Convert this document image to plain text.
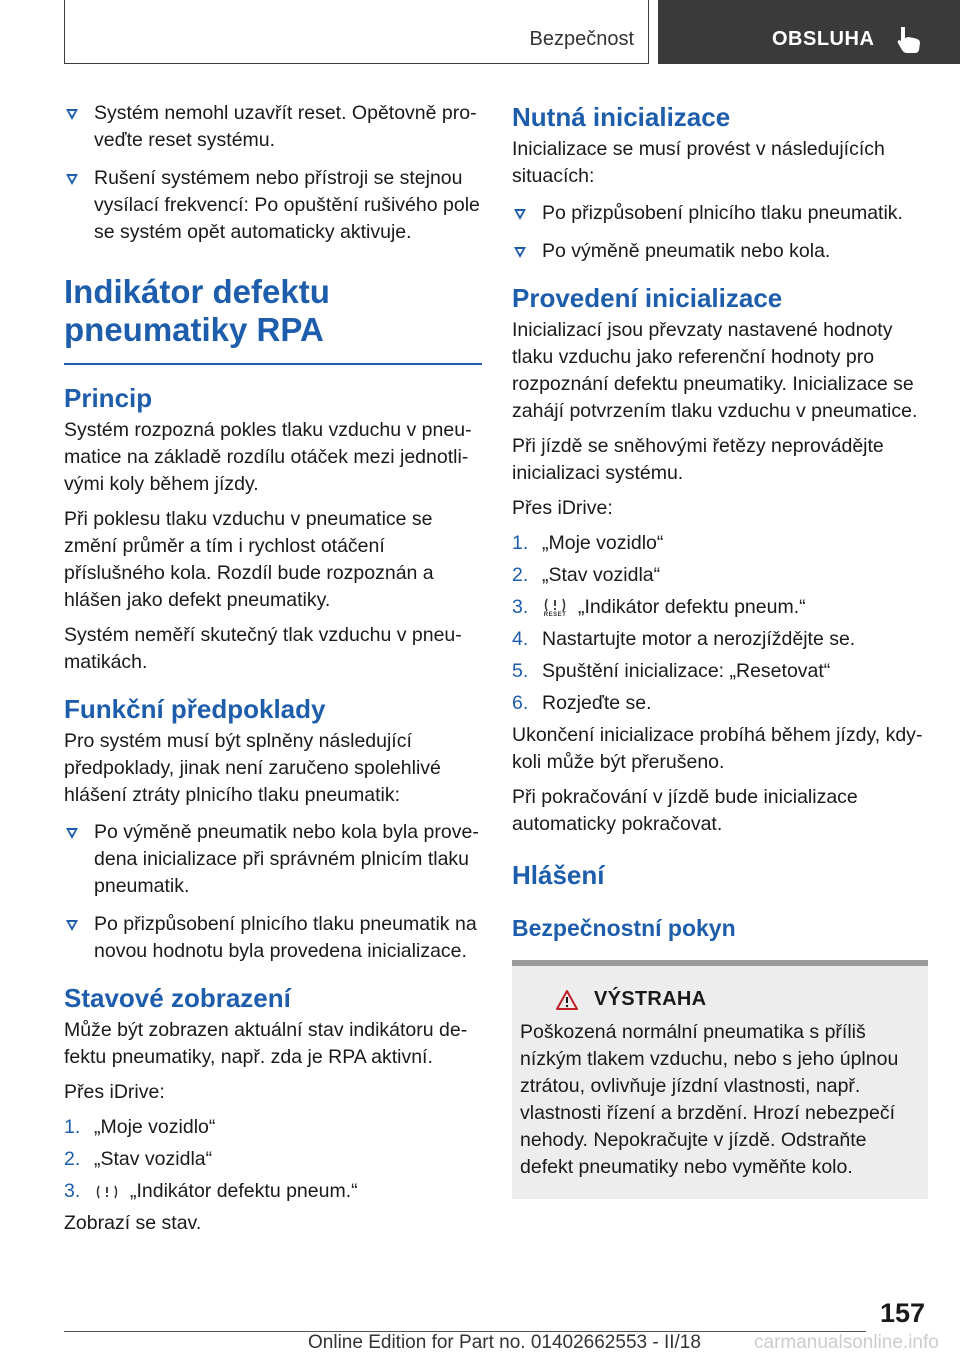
Bezpečnost	OBSLUHA
Systém nemohl uzavřít reset. Opětovně proveďte reset systému.
Rušení systémem nebo přístroji se stejnou vysílací frekvencí: Po opuštění rušivého pole se systém opět automaticky aktivuje.
Indikátor defektu pneumatiky RPA
Princip

Systém rozpozná pokles tlaku vzduchu v pneumatice na základě rozdílu otáček mezi jednotlivými koly během jízdy.

Při poklesu tlaku vzduchu v pneumatice se změní průměr a tím i rychlost otáčení příslušného kola. Rozdíl bude rozpoznán a hlášen jako defekt pneumatiky.

Systém neměří skutečný tlak vzduchu v pneumatikách.

Funkční předpoklady

Pro systém musí být splněny následující předpoklady, jinak není zaručeno spolehlivé hlášení ztráty plnicího tlaku pneumatik:

Po výměně pneumatik nebo kola byla provedena inicializace při správném plnicím tlaku pneumatik.
Po přizpůsobení plnicího tlaku pneumatik na novou hodnotu byla provedena inicializace.
Stavové zobrazení

Může být zobrazen aktuální stav indikátoru defektu pneumatiky, např. zda je RPA aktivní.

Přes iDrive:

1. „Moje vozidlo“
2. „Stav vozidla“
3.	„Indikátor defektu pneum.“

Zobrazí se stav.

Nutná inicializace

Inicializace se musí provést v následujících situacích:

Po přizpůsobení plnicího tlaku pneumatik.
Po výměně pneumatik nebo kola.
Provedení inicializace

Inicializací jsou převzaty nastavené hodnoty tlaku vzduchu jako referenční hodnoty pro rozpoznání defektu pneumatiky. Inicializace se zahájí potvrzením tlaku vzduchu v pneumatice.

Při jízdě se sněhovými řetězy neprovádějte inicializaci systému.

Přes iDrive:

1. „Moje vozidlo“
2. „Stav vozidla“
3.	RESET „Indikátor defektu pneum.“
4. Nastartujte motor a nerozjíždějte se.
5. Spuštění inicializace: „Resetovat“
6. Rozjeďte se.

Ukončení inicializace probíhá během jízdy, kdykoli může být přerušeno.

Při pokračování v jízdě bude inicializace automaticky pokračovat.

Hlášení
Bezpečnostní pokyn
VÝSTRAHA

Poškozená normální pneumatika s příliš nízkým tlakem vzduchu, nebo s jeho úplnou ztrátou, ovlivňuje jízdní vlastnosti, např. vlastnosti řízení a brzdění. Hrozí nebezpečí nehody. Nepokračujte v jízdě. Odstraňte defekt pneumatiky nebo vyměňte kolo.

157
Online Edition for Part no. 01402662553 - II/18	carmanualsonline.info
